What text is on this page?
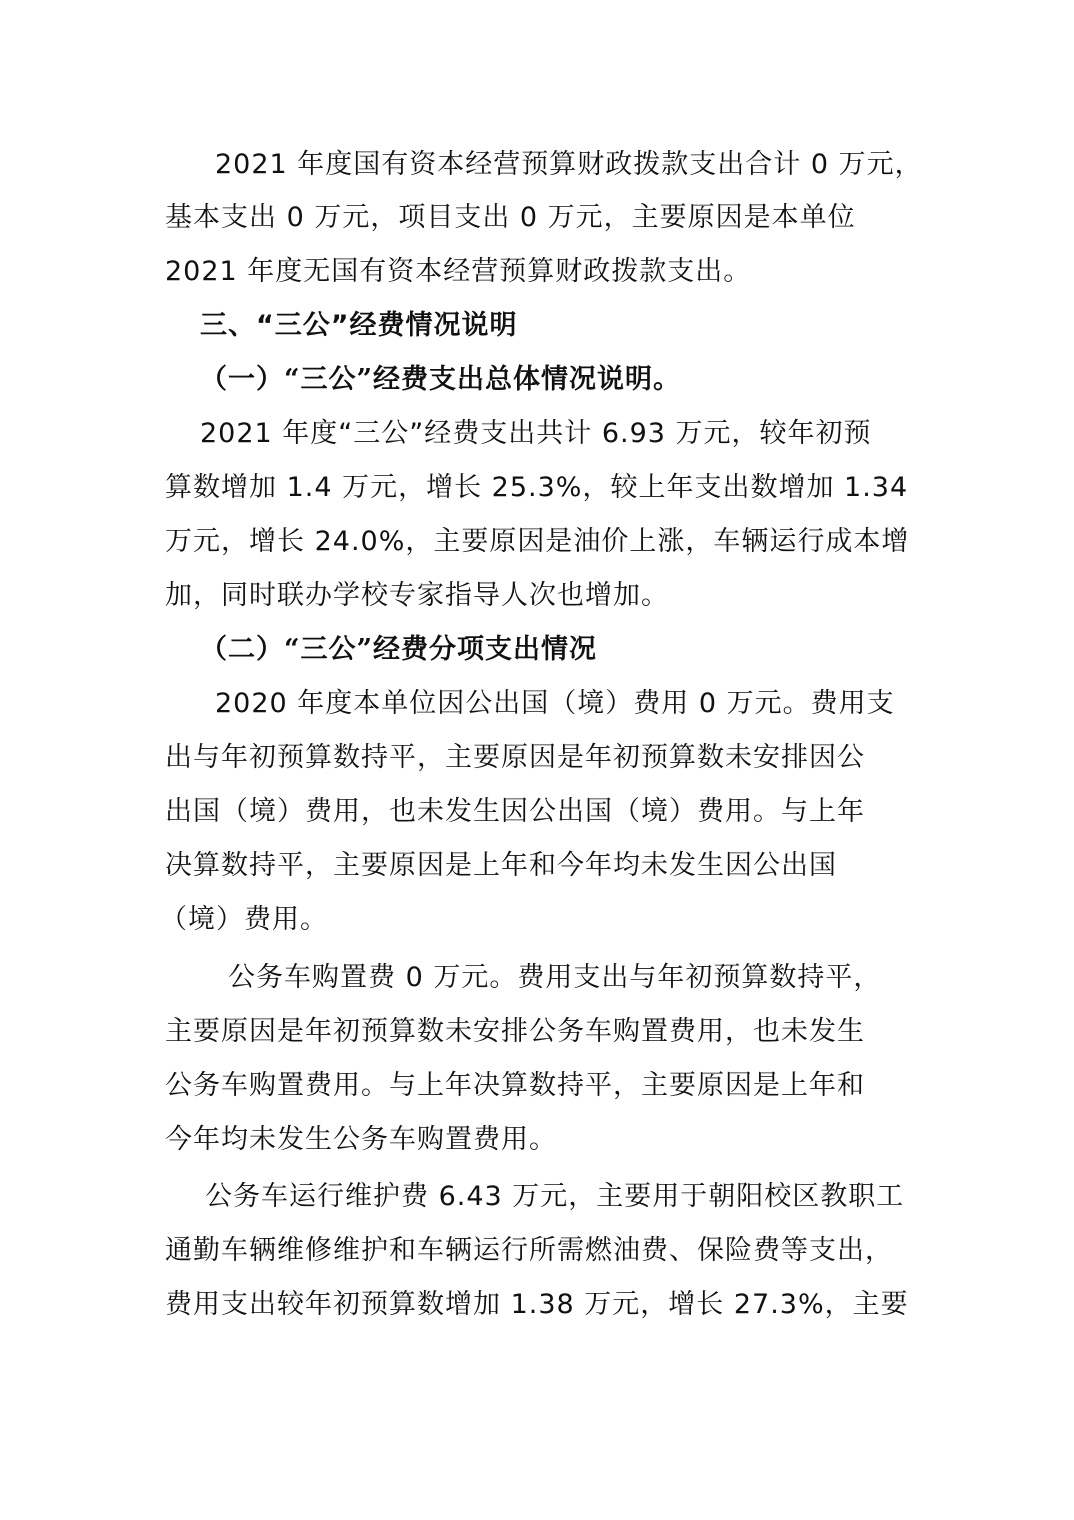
2021 年度国有资本经营预算财政拨款支出合计 0 万元，
基本支出 0 万元，项目支出 0 万元，主要原因是本单位
2021 年度无国有资本经营预算财政拨款支出。
三、“三公”经费情况说明
（一）“三公”经费支出总体情况说明。
2021 年度“三公”经费支出共计 6.93 万元，较年初预
算数增加 1.4 万元，增长 25.3%，较上年支出数增加 1.34
万元，增长 24.0%，主要原因是油价上涨，车辆运行成本增
加，同时联办学校专家指导人次也增加。
（二）“三公”经费分项支出情况
2020 年度本单位因公出国（境）费用 0 万元。费用支
出与年初预算数持平，主要原因是年初预算数未安排因公
出国（境）费用，也未发生因公出国（境）费用。与上年
决算数持平，主要原因是上年和今年均未发生因公出国
（境）费用。
公务车购置费 0 万元。费用支出与年初预算数持平，
主要原因是年初预算数未安排公务车购置费用，也未发生
公务车购置费用。与上年决算数持平，主要原因是上年和
今年均未发生公务车购置费用。
公务车运行维护费 6.43 万元，主要用于朝阳校区教职工
通勤车辆维修维护和车辆运行所需燃油费、保险费等支出，
费用支出较年初预算数增加 1.38 万元，增长 27.3%，主要
